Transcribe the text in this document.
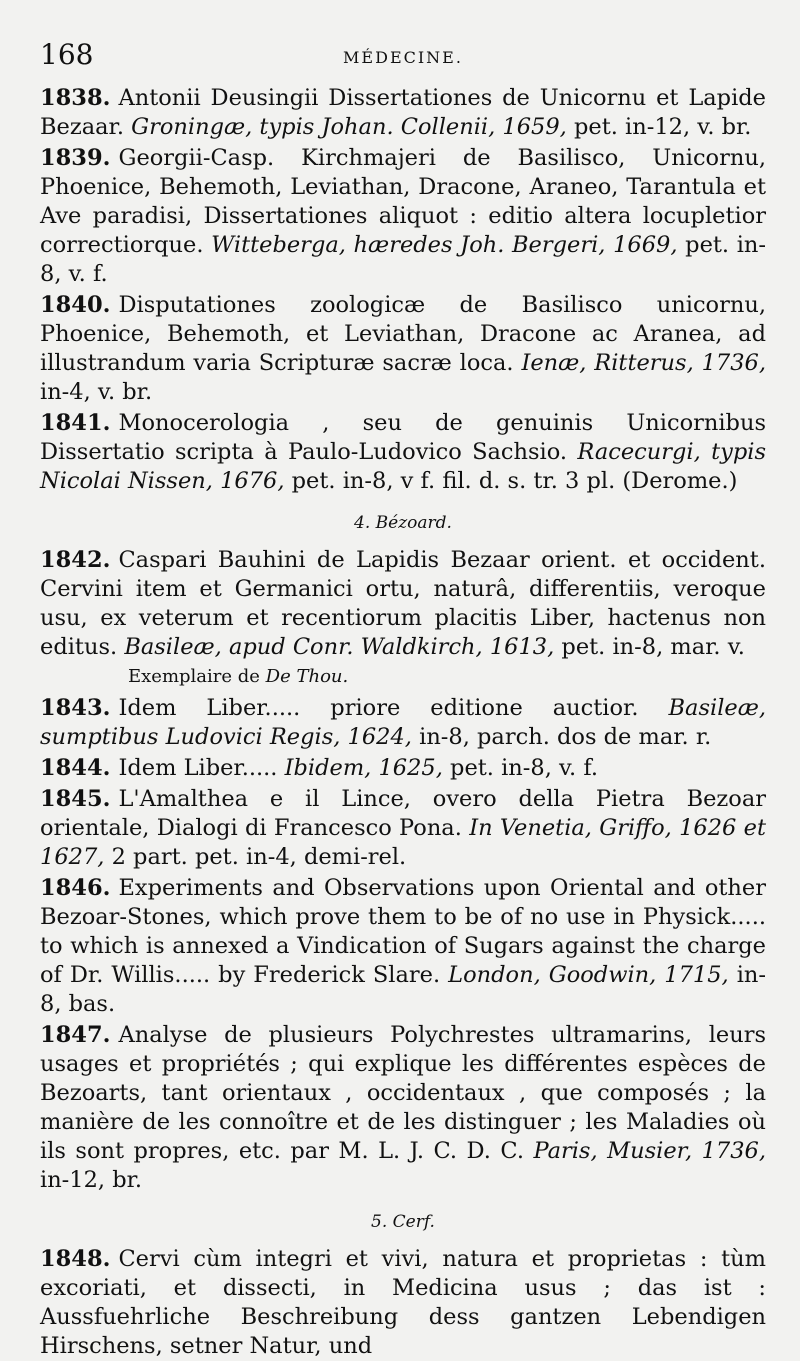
168	MÉDECINE.

1838. Antonii Deusingii Dissertationes de Unicornu et Lapide Bezaar. Groningæ, typis Johan. Collenii, 1659, pet. in-12, v. br.

1839. Georgii-Casp. Kirchmajeri de Basilisco, Unicornu, Phoenice, Behemoth, Leviathan, Dracone, Araneo, Tarantula et Ave paradisi, Dissertationes aliquot : editio altera locupletior correctiorque. Witteberga, hæredes Joh. Bergeri, 1669, pet. in-8, v. f.

1840. Disputationes zoologicæ de Basilisco unicornu, Phoenice, Behemoth, et Leviathan, Dracone ac Aranea, ad illustrandum varia Scripturæ sacræ loca. Ienæ, Ritterus, 1736, in-4, v. br.

1841. Monocerologia , seu de genuinis Unicornibus Dissertatio scripta à Paulo-Ludovico Sachsio. Racecurgi, typis Nicolai Nissen, 1676, pet. in-8, v f. fil. d. s. tr. 3 pl. (Derome.)

4. Bézoard.

1842. Caspari Bauhini de Lapidis Bezaar orient. et occident. Cervini item et Germanici ortu, naturâ, differentiis, veroque usu, ex veterum et recentiorum placitis Liber, hactenus non editus. Basileæ, apud Conr. Waldkirch, 1613, pet. in-8, mar. v.

Exemplaire de De Thou.

1843. Idem Liber..... priore editione auctior. Basileæ, sumptibus Ludovici Regis, 1624, in-8, parch. dos de mar. r.

1844. Idem Liber..... Ibidem, 1625, pet. in-8, v. f.

1845. L'Amalthea e il Lince, overo della Pietra Bezoar orientale, Dialogi di Francesco Pona. In Venetia, Griffo, 1626 et 1627, 2 part. pet. in-4, demi-rel.

1846. Experiments and Observations upon Oriental and other Bezoar-Stones, which prove them to be of no use in Physick..... to which is annexed a Vindication of Sugars against the charge of Dr. Willis..... by Frederick Slare. London, Goodwin, 1715, in-8, bas.

1847. Analyse de plusieurs Polychrestes ultramarins, leurs usages et propriétés ; qui explique les différentes espèces de Bezoarts, tant orientaux , occidentaux , que composés ; la manière de les connoître et de les distinguer ; les Maladies où ils sont propres, etc. par M. L. J. C. D. C. Paris, Musier, 1736, in-12, br.

5. Cerf.

1848. Cervi cùm integri et vivi, natura et proprietas : tùm excoriati, et dissecti, in Medicina usus ; das ist : Aussfuehrliche Beschreibung dess gantzen Lebendigen Hirschens, setner Natur, und
